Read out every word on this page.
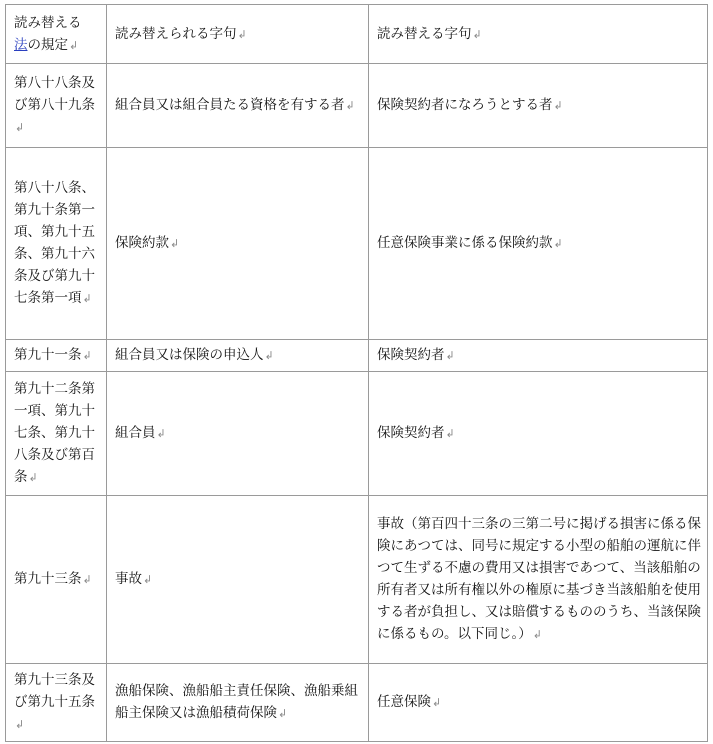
読み替える
法の規定↲	読み替えられる字句↲	読み替える字句↲
第八十八条及び第八十九条↲	組合員又は組合員たる資格を有する者↲	保険契約者になろうとする者↲
第八十八条、第九十条第一項、第九十五条、第九十六条及び第九十七条第一項↲	保険約款↲	任意保険事業に係る保険約款↲
第九十一条↲	組合員又は保険の申込人↲	保険契約者↲
第九十二条第一項、第九十七条、第九十八条及び第百条↲	組合員↲	保険契約者↲
第九十三条↲	事故↲	事故（第百四十三条の三第二号に掲げる損害に係る保険にあつては、同号に規定する小型の船舶の運航に伴つて生ずる不慮の費用又は損害であつて、当該船舶の所有者又は所有権以外の権原に基づき当該船舶を使用する者が負担し、又は賠償するもののうち、当該保険に係るもの。以下同じ。）↲
第九十三条及び第九十五条↲	漁船保険、漁船船主責任保険、漁船乗組船主保険又は漁船積荷保険↲	任意保険↲
